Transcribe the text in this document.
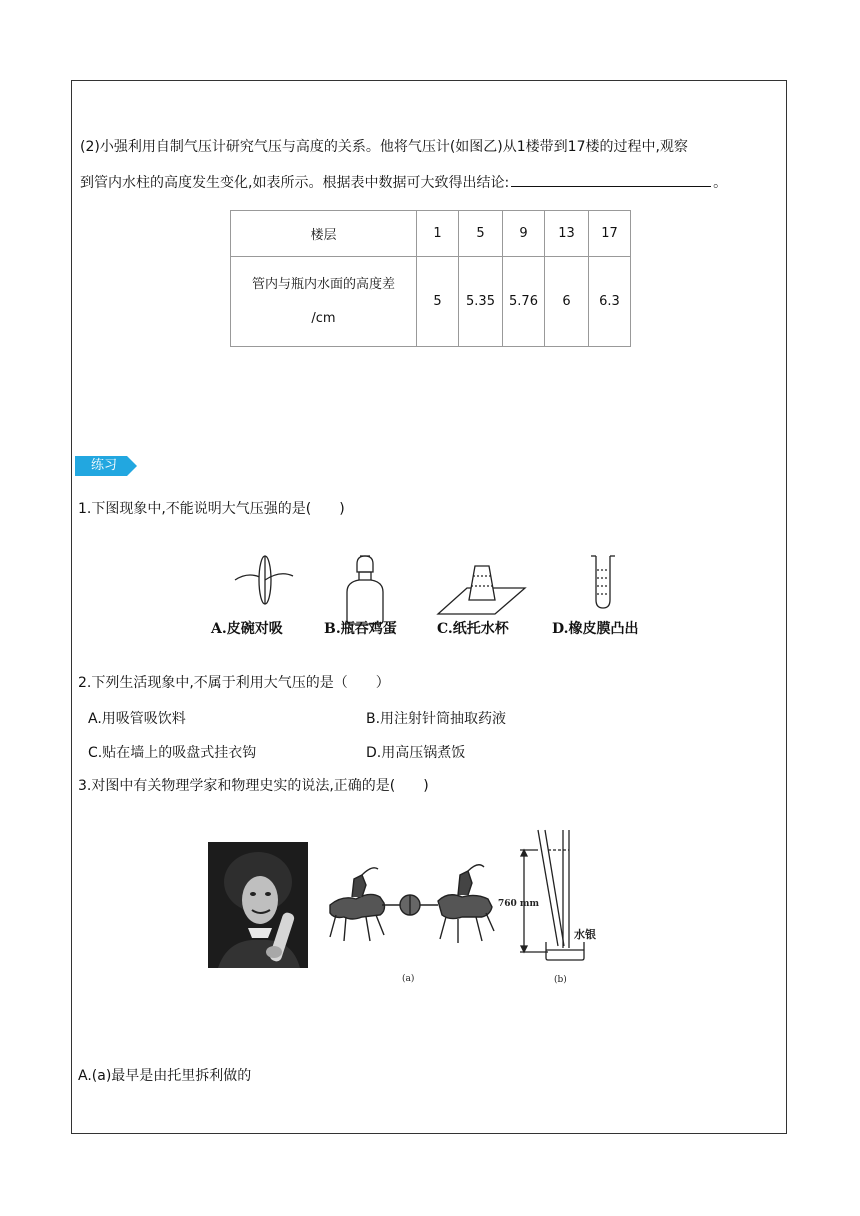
(2)小强利用自制气压计研究气压与高度的关系。他将气压计(如图乙)从1楼带到17楼的过程中,观察
到管内水柱的高度发生变化,如表所示。根据表中数据可大致得出结论:	。
楼层	1	5	9	13	17

管内与瓶内水面的高度差
/cm	5	5.35	5.76	6	6.3
练习
1.下图现象中,不能说明大气压强的是(　　)
A.皮碗对吸	B.瓶吞鸡蛋	C.纸托水杯	D.橡皮膜凸出
2.下列生活现象中,不属于利用大气压的是（　　）
A.用吸管吸饮料	B.用注射针筒抽取药液
C.贴在墙上的吸盘式挂衣钩	D.用高压锅煮饭
3.对图中有关物理学家和物理史实的说法,正确的是(　　)
(a)
760 mm
水银
(b)
A.(a)最早是由托里拆利做的
